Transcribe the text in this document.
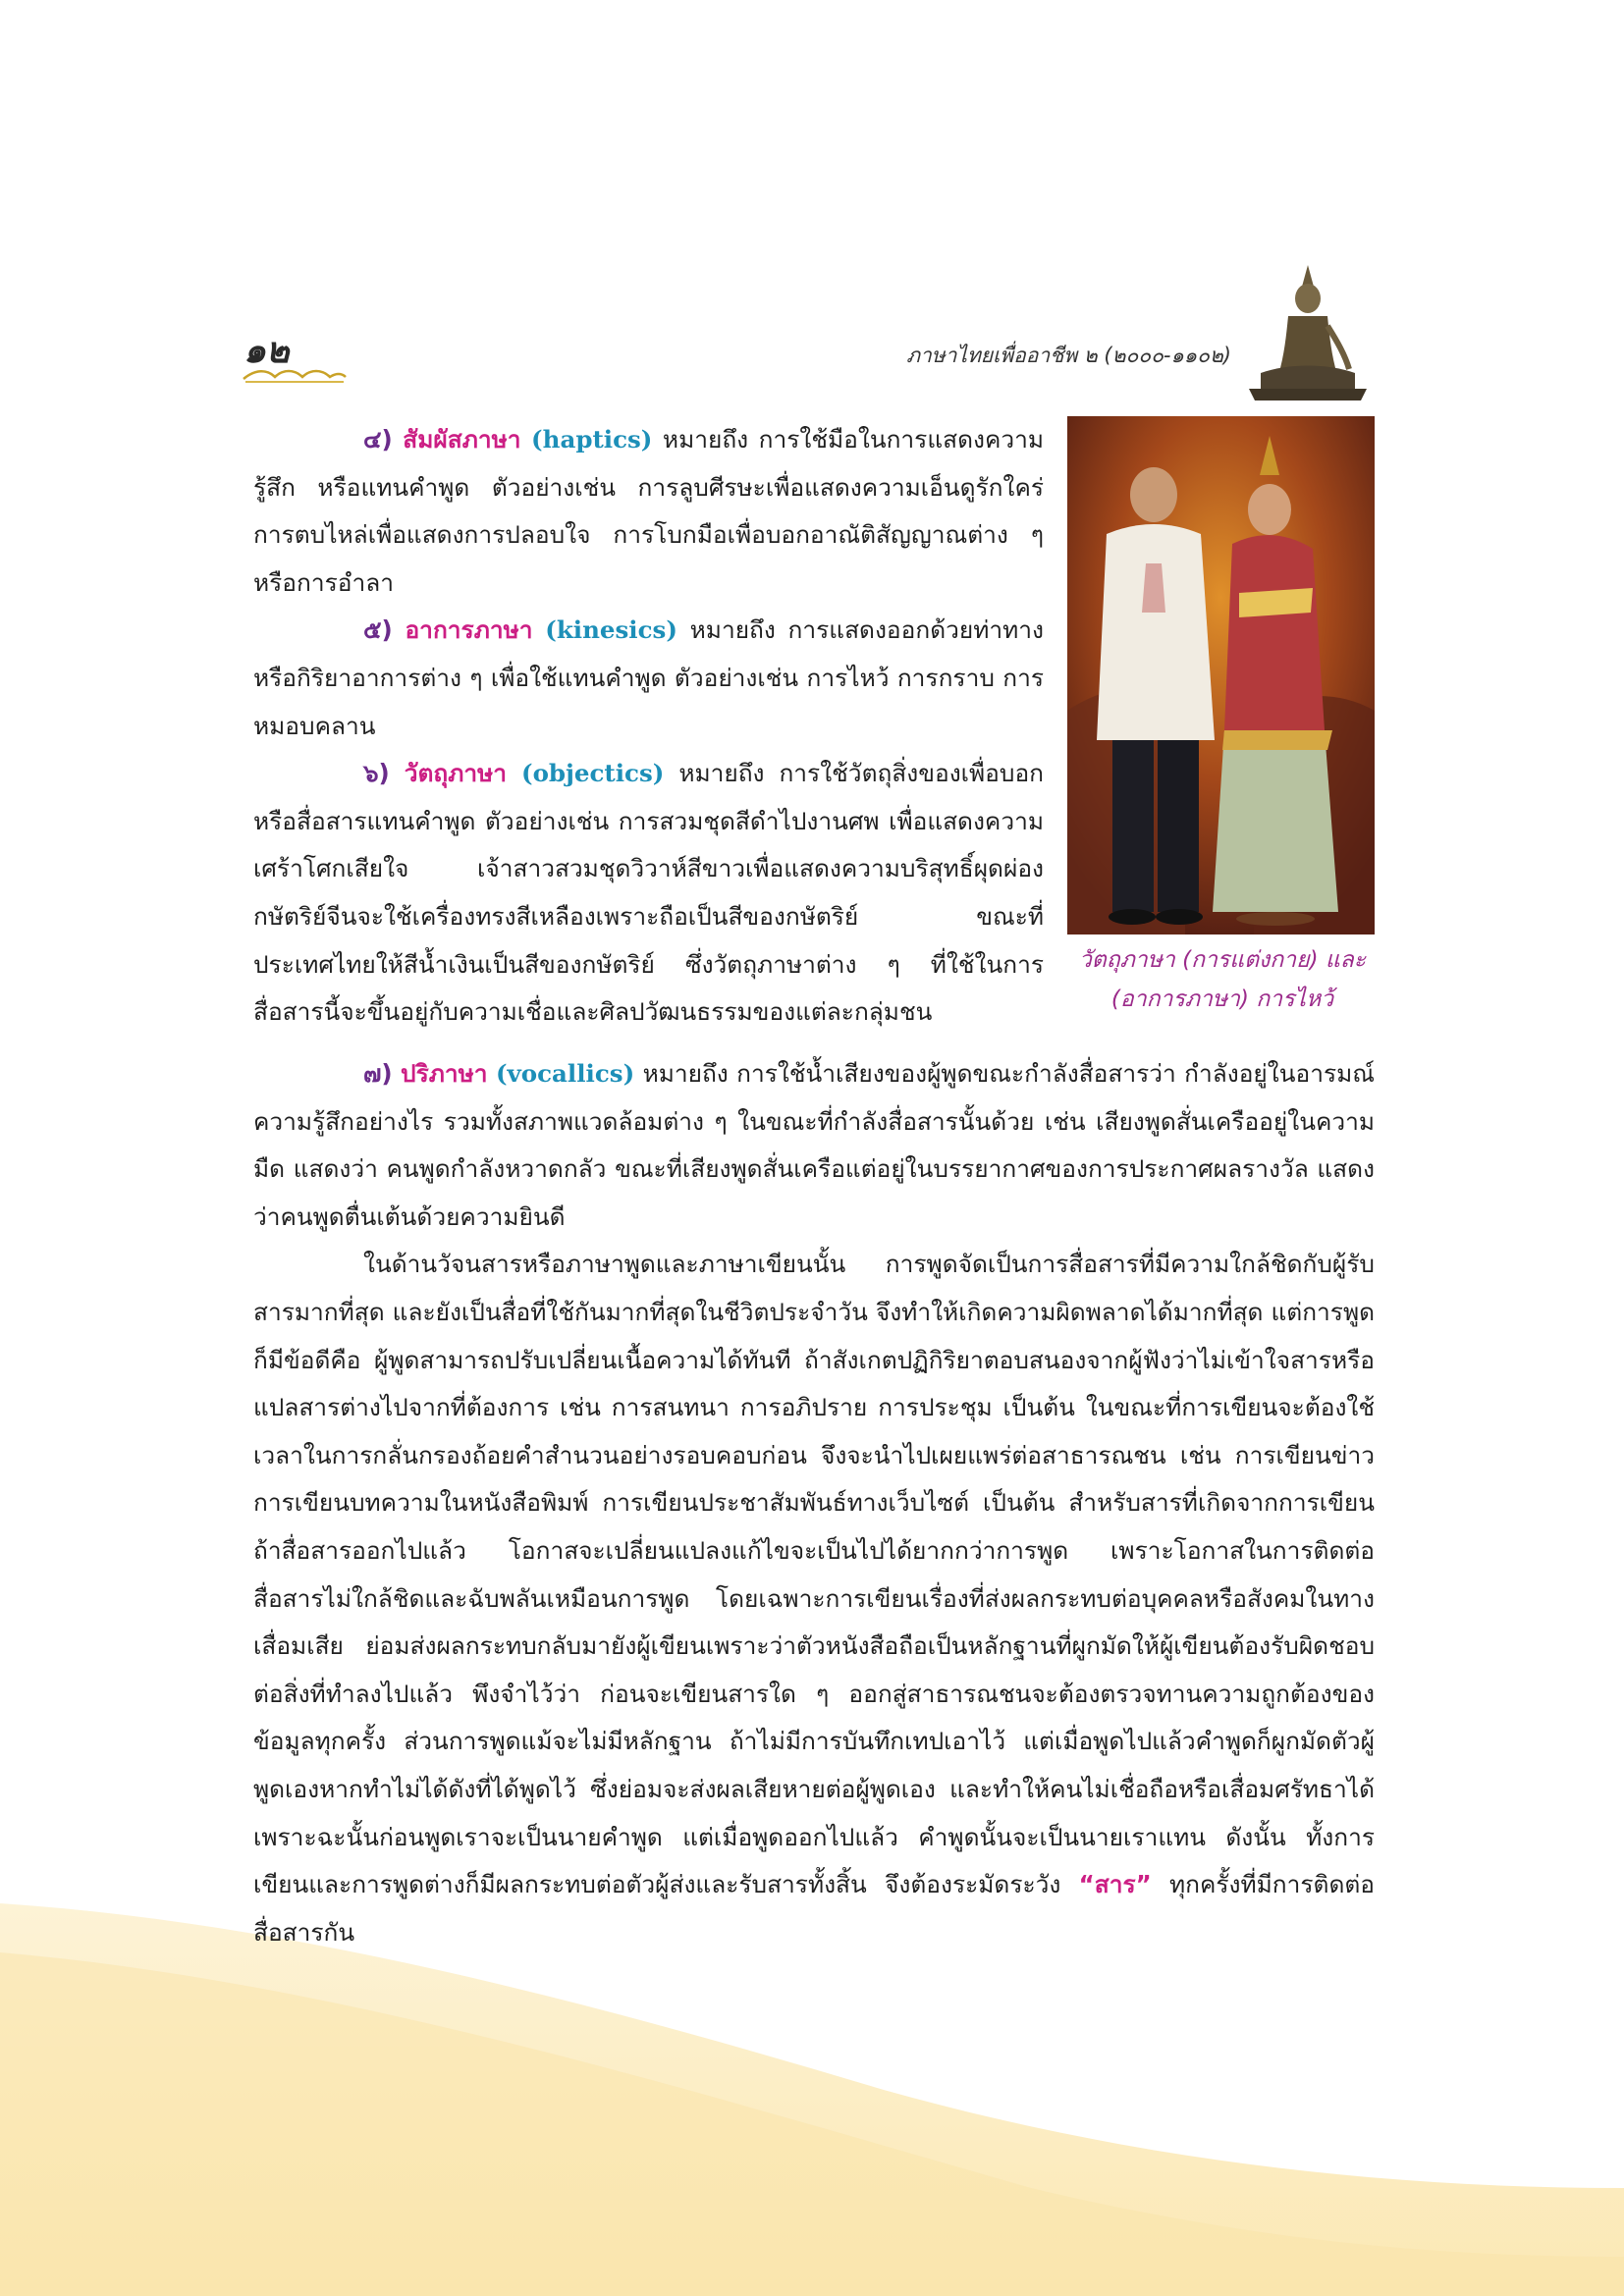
๑๒	ภาษาไทยเพื่ออาชีพ ๒ (๒๐๐๐-๑๑๐๒)
วัตถุภาษา (การแต่งกาย) และ
(อาการภาษา) การไหว้

๔) สัมผัสภาษา (haptics) หมายถึง การใช้มือในการแสดงความรู้สึก หรือแทนคำพูด ตัวอย่างเช่น การลูบศีรษะเพื่อแสดงความเอ็นดูรักใคร่ การตบไหล่เพื่อแสดงการปลอบใจ การโบกมือเพื่อบอกอาณัติสัญญาณต่าง ๆ หรือการอำลา

๕) อาการภาษา (kinesics) หมายถึง การแสดงออกด้วยท่าทางหรือกิริยาอาการต่าง ๆ เพื่อใช้แทนคำพูด ตัวอย่างเช่น การไหว้ การกราบ การหมอบคลาน

๖) วัตถุภาษา (objectics) หมายถึง การใช้วัตถุสิ่งของเพื่อบอกหรือสื่อสารแทนคำพูด ตัวอย่างเช่น การสวมชุดสีดำไปงานศพ เพื่อแสดงความเศร้าโศกเสียใจ เจ้าสาวสวมชุดวิวาห์สีขาวเพื่อแสดงความบริสุทธิ์ผุดผ่อง กษัตริย์จีนจะใช้เครื่องทรงสีเหลืองเพราะถือเป็นสีของกษัตริย์ ขณะที่ประเทศไทยให้สีน้ำเงินเป็นสีของกษัตริย์ ซึ่งวัตถุภาษาต่าง ๆ ที่ใช้ในการสื่อสารนี้จะขึ้นอยู่กับความเชื่อและศิลปวัฒนธรรมของแต่ละกลุ่มชน

๗) ปริภาษา (vocallics) หมายถึง การใช้น้ำเสียงของผู้พูดขณะกำลังสื่อสารว่า กำลังอยู่ในอารมณ์ความรู้สึกอย่างไร รวมทั้งสภาพแวดล้อมต่าง ๆ ในขณะที่กำลังสื่อสารนั้นด้วย เช่น เสียงพูดสั่นเครืออยู่ในความมืด แสดงว่า คนพูดกำลังหวาดกลัว ขณะที่เสียงพูดสั่นเครือแต่อยู่ในบรรยากาศของการประกาศผลรางวัล แสดงว่าคนพูดตื่นเต้นด้วยความยินดี

ในด้านวัจนสารหรือภาษาพูดและภาษาเขียนนั้น การพูดจัดเป็นการสื่อสารที่มีความใกล้ชิดกับผู้รับสารมากที่สุด และยังเป็นสื่อที่ใช้กันมากที่สุดในชีวิตประจำวัน จึงทำให้เกิดความผิดพลาดได้มากที่สุด แต่การพูดก็มีข้อดีคือ ผู้พูดสามารถปรับเปลี่ยนเนื้อความได้ทันที ถ้าสังเกตปฏิกิริยาตอบสนองจากผู้ฟังว่าไม่เข้าใจสารหรือแปลสารต่างไปจากที่ต้องการ เช่น การสนทนา การอภิปราย การประชุม เป็นต้น ในขณะที่การเขียนจะต้องใช้เวลาในการกลั่นกรองถ้อยคำสำนวนอย่างรอบคอบก่อน จึงจะนำไปเผยแพร่ต่อสาธารณชน เช่น การเขียนข่าว การเขียนบทความในหนังสือพิมพ์ การเขียนประชาสัมพันธ์ทางเว็บไซต์ เป็นต้น สำหรับสารที่เกิดจากการเขียน ถ้าสื่อสารออกไปแล้ว โอกาสจะเปลี่ยนแปลงแก้ไขจะเป็นไปได้ยากกว่าการพูด เพราะโอกาสในการติดต่อสื่อสารไม่ใกล้ชิดและฉับพลันเหมือนการพูด โดยเฉพาะการเขียนเรื่องที่ส่งผลกระทบต่อบุคคลหรือสังคมในทางเสื่อมเสีย ย่อมส่งผลกระทบกลับมายังผู้เขียนเพราะว่าตัวหนังสือถือเป็นหลักฐานที่ผูกมัดให้ผู้เขียนต้องรับผิดชอบต่อสิ่งที่ทำลงไปแล้ว พึงจำไว้ว่า ก่อนจะเขียนสารใด ๆ ออกสู่สาธารณชนจะต้องตรวจทานความถูกต้องของข้อมูลทุกครั้ง ส่วนการพูดแม้จะไม่มีหลักฐาน ถ้าไม่มีการบันทึกเทปเอาไว้ แต่เมื่อพูดไปแล้วคำพูดก็ผูกมัดตัวผู้พูดเองหากทำไม่ได้ดังที่ได้พูดไว้ ซึ่งย่อมจะส่งผลเสียหายต่อผู้พูดเอง และทำให้คนไม่เชื่อถือหรือเสื่อมศรัทธาได้ เพราะฉะนั้นก่อนพูดเราจะเป็นนายคำพูด แต่เมื่อพูดออกไปแล้ว คำพูดนั้นจะเป็นนายเราแทน ดังนั้น ทั้งการเขียนและการพูดต่างก็มีผลกระทบต่อตัวผู้ส่งและรับสารทั้งสิ้น จึงต้องระมัดระวัง “สาร” ทุกครั้งที่มีการติดต่อสื่อสารกัน
